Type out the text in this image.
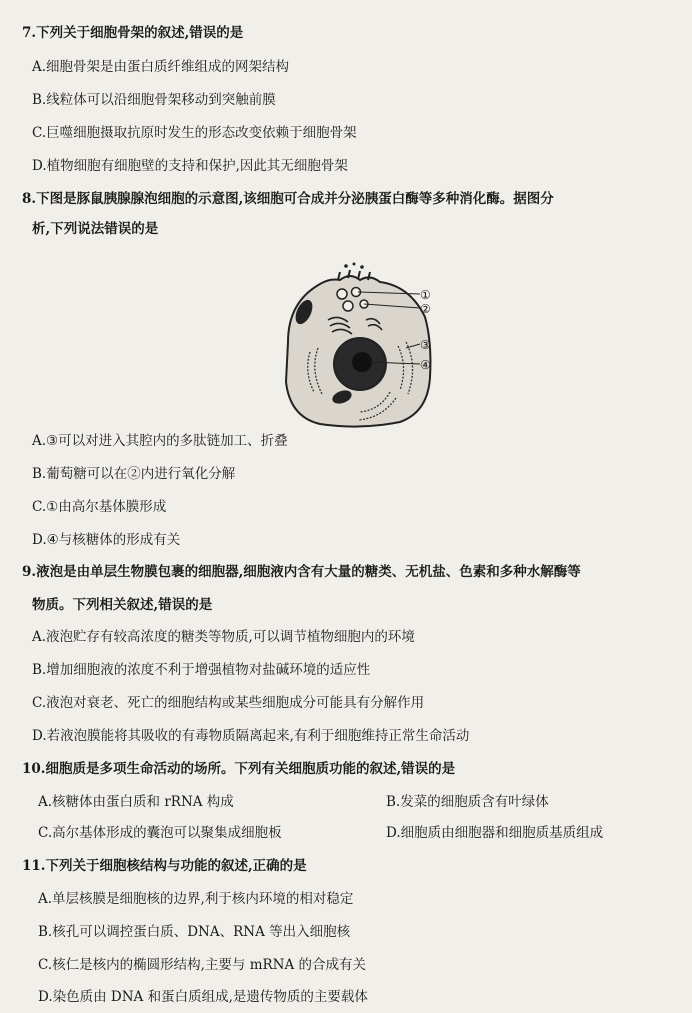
7.下列关于细胞骨架的叙述,错误的是
A.细胞骨架是由蛋白质纤维组成的网架结构
B.线粒体可以沿细胞骨架移动到突触前膜
C.巨噬细胞摄取抗原时发生的形态改变依赖于细胞骨架
D.植物细胞有细胞壁的支持和保护,因此其无细胞骨架
8.下图是豚鼠胰腺腺泡细胞的示意图,该细胞可合成并分泌胰蛋白酶等多种消化酶。据图分
析,下列说法错误的是
①
②
③
④
A.③可以对进入其腔内的多肽链加工、折叠
B.葡萄糖可以在②内进行氧化分解
C.①由高尔基体膜形成
D.④与核糖体的形成有关
9.液泡是由单层生物膜包裹的细胞器,细胞液内含有大量的糖类、无机盐、色素和多种水解酶等
物质。下列相关叙述,错误的是
A.液泡贮存有较高浓度的糖类等物质,可以调节植物细胞内的环境
B.增加细胞液的浓度不利于增强植物对盐碱环境的适应性
C.液泡对衰老、死亡的细胞结构或某些细胞成分可能具有分解作用
D.若液泡膜能将其吸收的有毒物质隔离起来,有利于细胞维持正常生命活动
10.细胞质是多项生命活动的场所。下列有关细胞质功能的叙述,错误的是
A.核糖体由蛋白质和 rRNA 构成	B.发菜的细胞质含有叶绿体
C.高尔基体形成的囊泡可以聚集成细胞板	D.细胞质由细胞器和细胞质基质组成
11.下列关于细胞核结构与功能的叙述,正确的是
A.单层核膜是细胞核的边界,利于核内环境的相对稳定
B.核孔可以调控蛋白质、DNA、RNA 等出入细胞核
C.核仁是核内的椭圆形结构,主要与 mRNA 的合成有关
D.染色质由 DNA 和蛋白质组成,是遗传物质的主要载体
